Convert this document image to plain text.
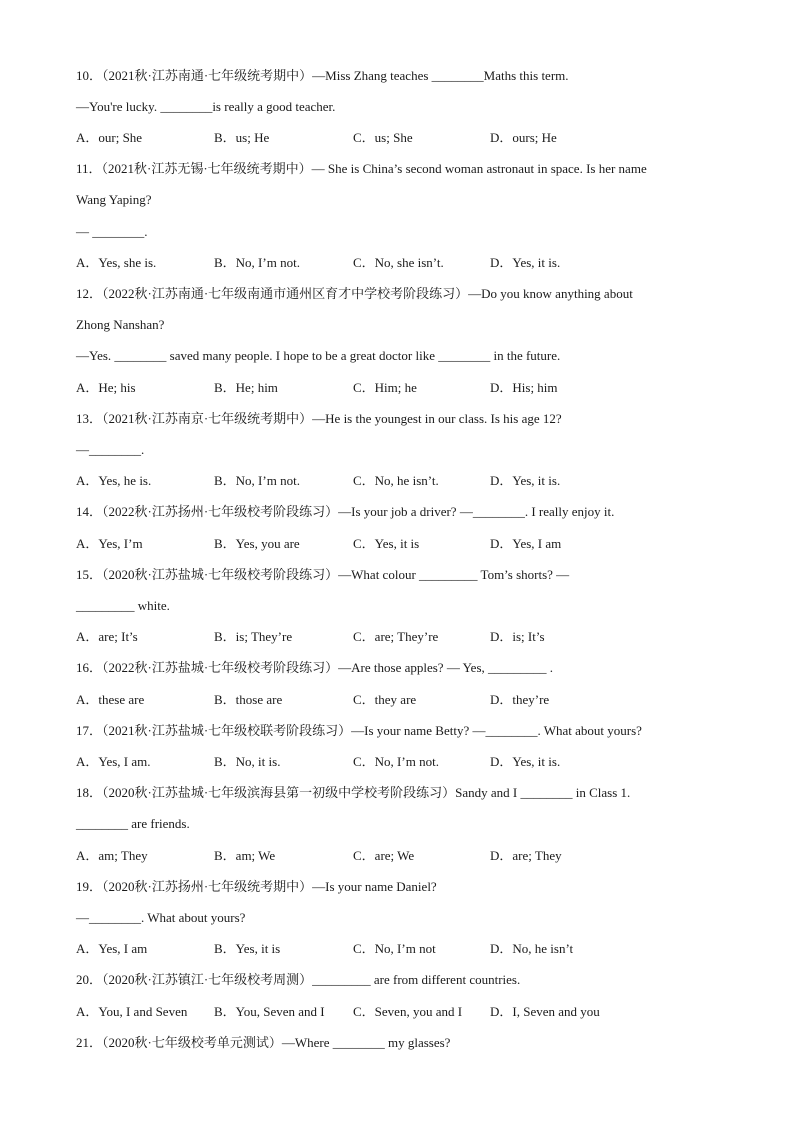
10．（2021秋·江苏南通·七年级统考期中）—Miss Zhang teaches ________Maths this term.
—You're lucky. ________is really a good teacher.
A．our; She	B．us; He	C．us; She	D．ours; He
11．（2021秋·江苏无锡·七年级统考期中）— She is China’s second woman astronaut in space. Is her name
Wang Yaping?
— ________.
A．Yes, she is.	B．No, I’m not.	C．No, she isn’t.	D．Yes, it is.
12．（2022秋·江苏南通·七年级南通市通州区育才中学校考阶段练习）—Do you know anything about
Zhong Nanshan?
—Yes. ________ saved many people. I hope to be a great doctor like ________ in the future.
A．He; his	B．He; him	C．Him; he	D．His; him
13．（2021秋·江苏南京·七年级统考期中）—He is the youngest in our class. Is his age 12?
—________.
A．Yes, he is.	B．No, I’m not.	C．No, he isn’t.	D．Yes, it is.
14．（2022秋·江苏扬州·七年级校考阶段练习）—Is your job a driver? —________. I really enjoy it.
A．Yes, I’m	B．Yes, you are	C．Yes, it is	D．Yes, I am
15．（2020秋·江苏盐城·七年级校考阶段练习）—What colour _________ Tom’s shorts? —
_________ white.
A．are; It’s	B．is; They’re	C．are; They’re	D．is; It’s
16．（2022秋·江苏盐城·七年级校考阶段练习）—Are those apples? — Yes, _________ .
A．these are	B．those are	C．they are	D．they’re
17．（2021秋·江苏盐城·七年级校联考阶段练习）—Is your name Betty? —________. What about yours?
A．Yes, I am.	B．No, it is.	C．No, I’m not.	D．Yes, it is.
18．（2020秋·江苏盐城·七年级滨海县第一初级中学校考阶段练习）Sandy and I ________ in Class 1.
________ are friends.
A．am; They	B．am; We	C．are; We	D．are; They
19．（2020秋·江苏扬州·七年级统考期中）—Is your name Daniel?
—________. What about yours?
A．Yes, I am	B．Yes, it is	C．No, I’m not	D．No, he isn’t
20．（2020秋·江苏镇江·七年级校考周测）_________ are from different countries.
A．You, I and Seven B．You, Seven and I C．Seven, you and I D．I, Seven and you
21．（2020秋·七年级校考单元测试）—Where ________ my glasses?
